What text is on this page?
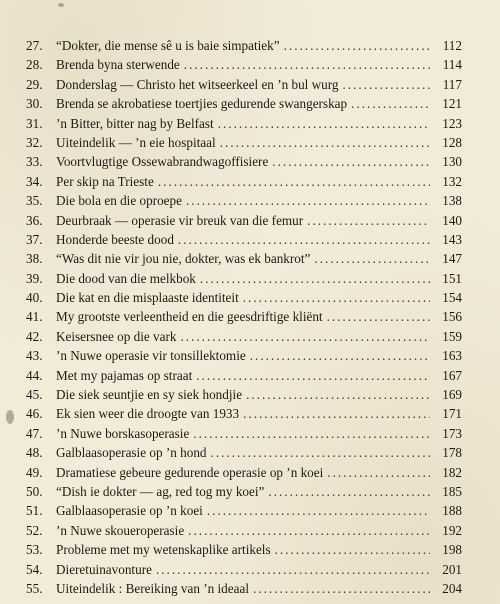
27.	“Dokter, die mense sê u is baie simpatiek” .....	112
28.	Brenda byna sterwende .....	114
29.	Donderslag — Christo het witseerkeel en ’n bul wurg .....	117
30.	Brenda se akrobatiese toertjies gedurende swangerskap .....	121
31.	’n Bitter, bitter nag by Belfast .....	123
32.	Uiteindelik — ’n eie hospitaal .....	128
33.	Voortvlugtige Ossewabrandwagoffisiere .....	130
34.	Per skip na Trieste .....	132
35.	Die bola en die oproepe .....	138
36.	Deurbraak — operasie vir breuk van die femur .....	140
37.	Honderde beeste dood .....	143
38.	“Was dit nie vir jou nie, dokter, was ek bankrot” .....	147
39.	Die dood van die melkbok .....	151
40.	Die kat en die misplaaste identiteit .....	154
41.	My grootste verleentheid en die geesdriftige kliënt .....	156
42.	Keisersnee op die vark .....	159
43.	’n Nuwe operasie vir tonsillektomie .....	163
44.	Met my pajamas op straat .....	167
45.	Die siek seuntjie en sy siek hondjie .....	169
46.	Ek sien weer die droogte van 1933 .....	171
47.	’n Nuwe borskasoperasie .....	173
48.	Galblaasoperasie op ’n hond .....	178
49.	Dramatiese gebeure gedurende operasie op ’n koei .....	182
50.	“Dish ie dokter — ag, red tog my koei” .....	185
51.	Galblaasoperasie op ’n koei .....	188
52.	’n Nuwe skoueroperasie .....	192
53.	Probleme met my wetenskaplike artikels .....	198
54.	Dieretuinavonture .....	201
55.	Uiteindelik : Bereiking van ’n ideaal .....	204
